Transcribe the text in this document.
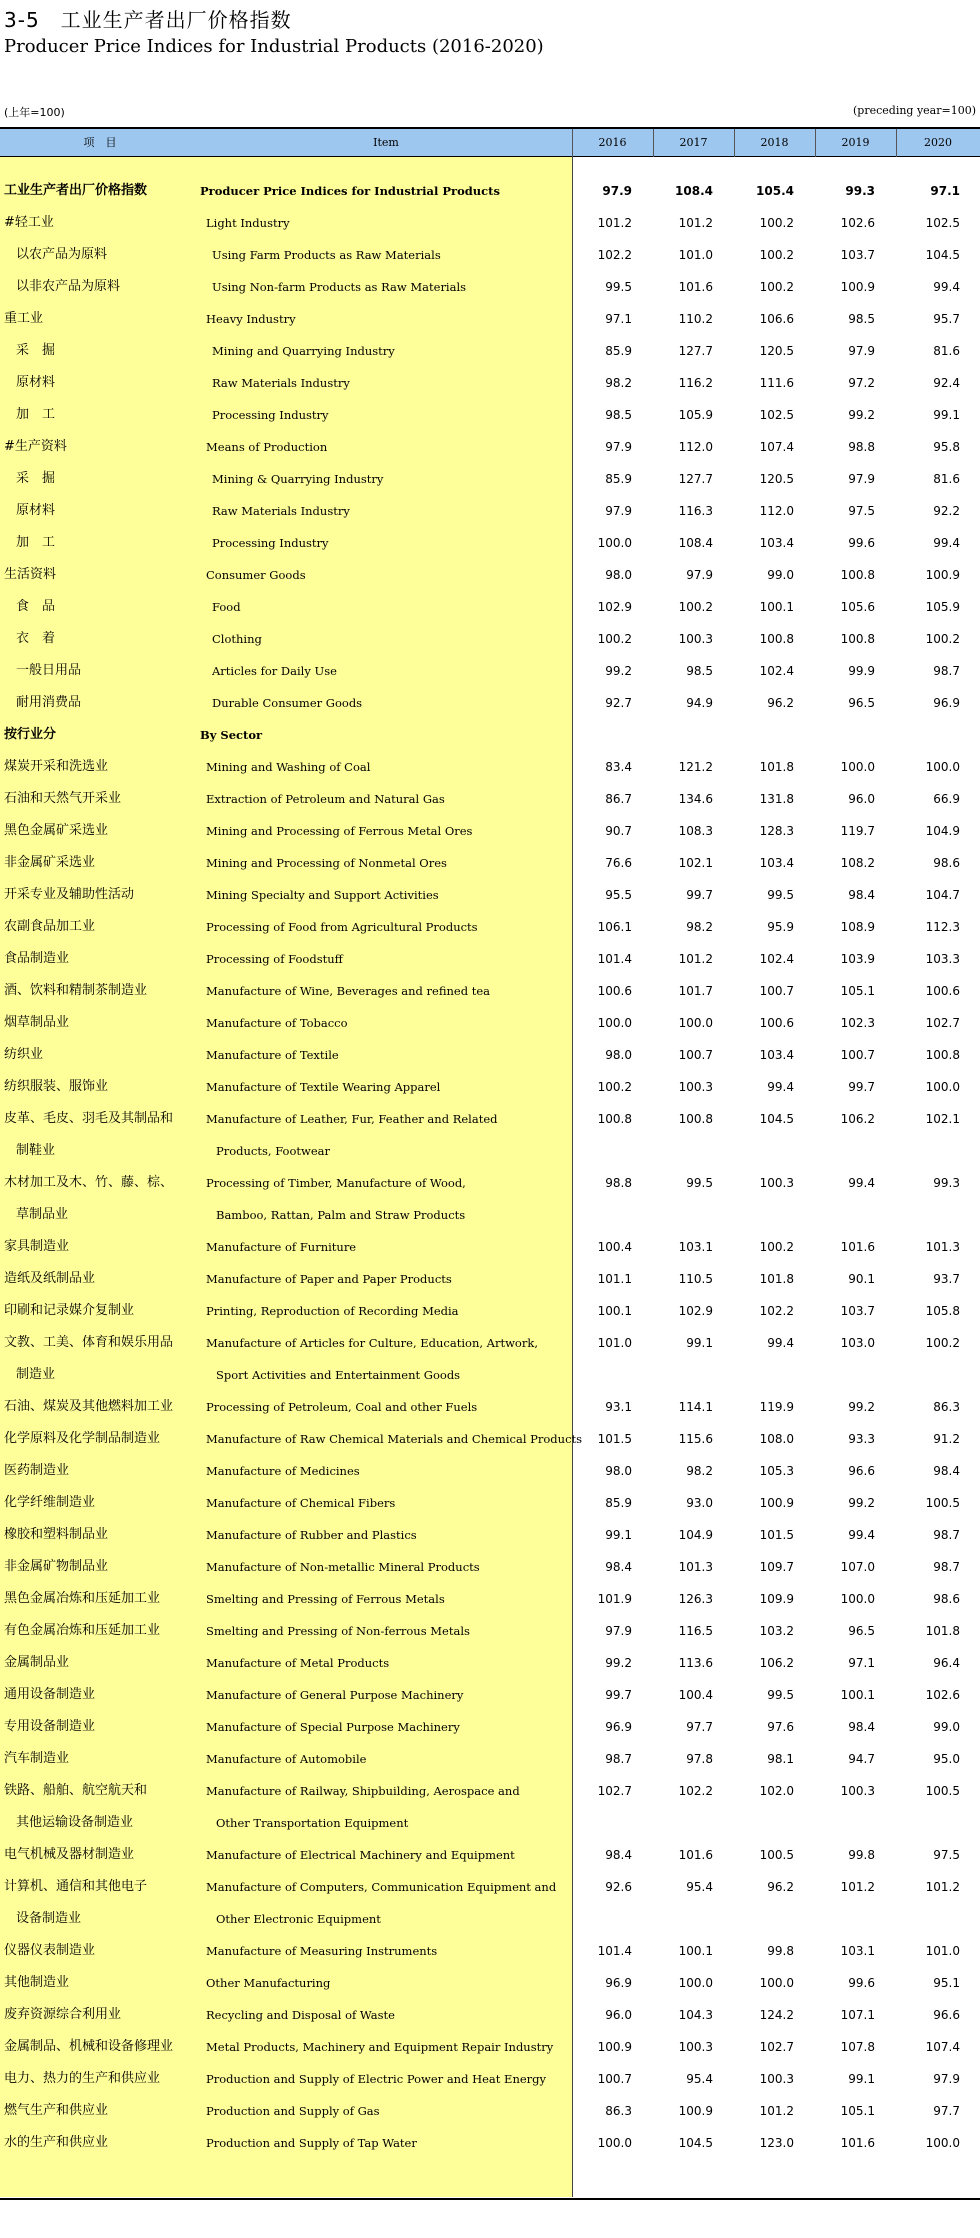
3-5　工业生产者出厂价格指数
Producer Price Indices for Industrial Products (2016-2020)
(上年=100)	(preceding year=100)
项　目	Item	2016	2017	2018	2019	2020
工业生产者出厂价格指数	Producer Price Indices for Industrial Products	97.9	108.4	105.4	99.3	97.1
#轻工业	Light Industry	101.2	101.2	100.2	102.6	102.5
以农产品为原料	Using Farm Products as Raw Materials	102.2	101.0	100.2	103.7	104.5
以非农产品为原料	Using Non-farm Products as Raw Materials	99.5	101.6	100.2	100.9	99.4
重工业	Heavy Industry	97.1	110.2	106.6	98.5	95.7
采　掘	Mining and Quarrying Industry	85.9	127.7	120.5	97.9	81.6
原材料	Raw Materials Industry	98.2	116.2	111.6	97.2	92.4
加　工	Processing Industry	98.5	105.9	102.5	99.2	99.1
#生产资料	Means of Production	97.9	112.0	107.4	98.8	95.8
采　掘	Mining & Quarrying Industry	85.9	127.7	120.5	97.9	81.6
原材料	Raw Materials Industry	97.9	116.3	112.0	97.5	92.2
加　工	Processing Industry	100.0	108.4	103.4	99.6	99.4
生活资料	Consumer Goods	98.0	97.9	99.0	100.8	100.9
食　品	Food	102.9	100.2	100.1	105.6	105.9
衣　着	Clothing	100.2	100.3	100.8	100.8	100.2
一般日用品	Articles for Daily Use	99.2	98.5	102.4	99.9	98.7
耐用消费品	Durable Consumer Goods	92.7	94.9	96.2	96.5	96.9
按行业分	By Sector
煤炭开采和洗选业	Mining and Washing of Coal	83.4	121.2	101.8	100.0	100.0
石油和天然气开采业	Extraction of Petroleum and Natural Gas	86.7	134.6	131.8	96.0	66.9
黑色金属矿采选业	Mining and Processing of Ferrous Metal Ores	90.7	108.3	128.3	119.7	104.9
非金属矿采选业	Mining and Processing of Nonmetal Ores	76.6	102.1	103.4	108.2	98.6
开采专业及辅助性活动	Mining Specialty and Support Activities	95.5	99.7	99.5	98.4	104.7
农副食品加工业	Processing of Food from Agricultural Products	106.1	98.2	95.9	108.9	112.3
食品制造业	Processing of Foodstuff	101.4	101.2	102.4	103.9	103.3
酒、饮料和精制茶制造业	Manufacture of Wine, Beverages and refined tea	100.6	101.7	100.7	105.1	100.6
烟草制品业	Manufacture of Tobacco	100.0	100.0	100.6	102.3	102.7
纺织业	Manufacture of Textile	98.0	100.7	103.4	100.7	100.8
纺织服装、服饰业	Manufacture of Textile Wearing Apparel	100.2	100.3	99.4	99.7	100.0
皮革、毛皮、羽毛及其制品和	Manufacture of Leather, Fur, Feather and Related	100.8	100.8	104.5	106.2	102.1
制鞋业	Products, Footwear
木材加工及木、竹、藤、棕、	Processing of Timber, Manufacture of Wood,	98.8	99.5	100.3	99.4	99.3
草制品业	Bamboo, Rattan, Palm and Straw Products
家具制造业	Manufacture of Furniture	100.4	103.1	100.2	101.6	101.3
造纸及纸制品业	Manufacture of Paper and Paper Products	101.1	110.5	101.8	90.1	93.7
印刷和记录媒介复制业	Printing, Reproduction of Recording Media	100.1	102.9	102.2	103.7	105.8
文教、工美、体育和娱乐用品	Manufacture of Articles for Culture, Education, Artwork,	101.0	99.1	99.4	103.0	100.2
制造业	Sport Activities and Entertainment Goods
石油、煤炭及其他燃料加工业	Processing of Petroleum, Coal and other Fuels	93.1	114.1	119.9	99.2	86.3
化学原料及化学制品制造业	Manufacture of Raw Chemical Materials and Chemical Products	101.5	115.6	108.0	93.3	91.2
医药制造业	Manufacture of Medicines	98.0	98.2	105.3	96.6	98.4
化学纤维制造业	Manufacture of Chemical Fibers	85.9	93.0	100.9	99.2	100.5
橡胶和塑料制品业	Manufacture of Rubber and Plastics	99.1	104.9	101.5	99.4	98.7
非金属矿物制品业	Manufacture of Non-metallic Mineral Products	98.4	101.3	109.7	107.0	98.7
黑色金属冶炼和压延加工业	Smelting and Pressing of Ferrous Metals	101.9	126.3	109.9	100.0	98.6
有色金属冶炼和压延加工业	Smelting and Pressing of Non-ferrous Metals	97.9	116.5	103.2	96.5	101.8
金属制品业	Manufacture of Metal Products	99.2	113.6	106.2	97.1	96.4
通用设备制造业	Manufacture of General Purpose Machinery	99.7	100.4	99.5	100.1	102.6
专用设备制造业	Manufacture of Special Purpose Machinery	96.9	97.7	97.6	98.4	99.0
汽车制造业	Manufacture of Automobile	98.7	97.8	98.1	94.7	95.0
铁路、船舶、航空航天和	Manufacture of Railway, Shipbuilding, Aerospace and	102.7	102.2	102.0	100.3	100.5
其他运输设备制造业	Other Transportation Equipment
电气机械及器材制造业	Manufacture of Electrical Machinery and Equipment	98.4	101.6	100.5	99.8	97.5
计算机、通信和其他电子	Manufacture of Computers, Communication Equipment and	92.6	95.4	96.2	101.2	101.2
设备制造业	Other Electronic Equipment
仪器仪表制造业	Manufacture of Measuring Instruments	101.4	100.1	99.8	103.1	101.0
其他制造业	Other Manufacturing	96.9	100.0	100.0	99.6	95.1
废弃资源综合利用业	Recycling and Disposal of Waste	96.0	104.3	124.2	107.1	96.6
金属制品、机械和设备修理业	Metal Products, Machinery and Equipment Repair Industry	100.9	100.3	102.7	107.8	107.4
电力、热力的生产和供应业	Production and Supply of Electric Power and Heat Energy	100.7	95.4	100.3	99.1	97.9
燃气生产和供应业	Production and Supply of Gas	86.3	100.9	101.2	105.1	97.7
水的生产和供应业	Production and Supply of Tap Water	100.0	104.5	123.0	101.6	100.0
